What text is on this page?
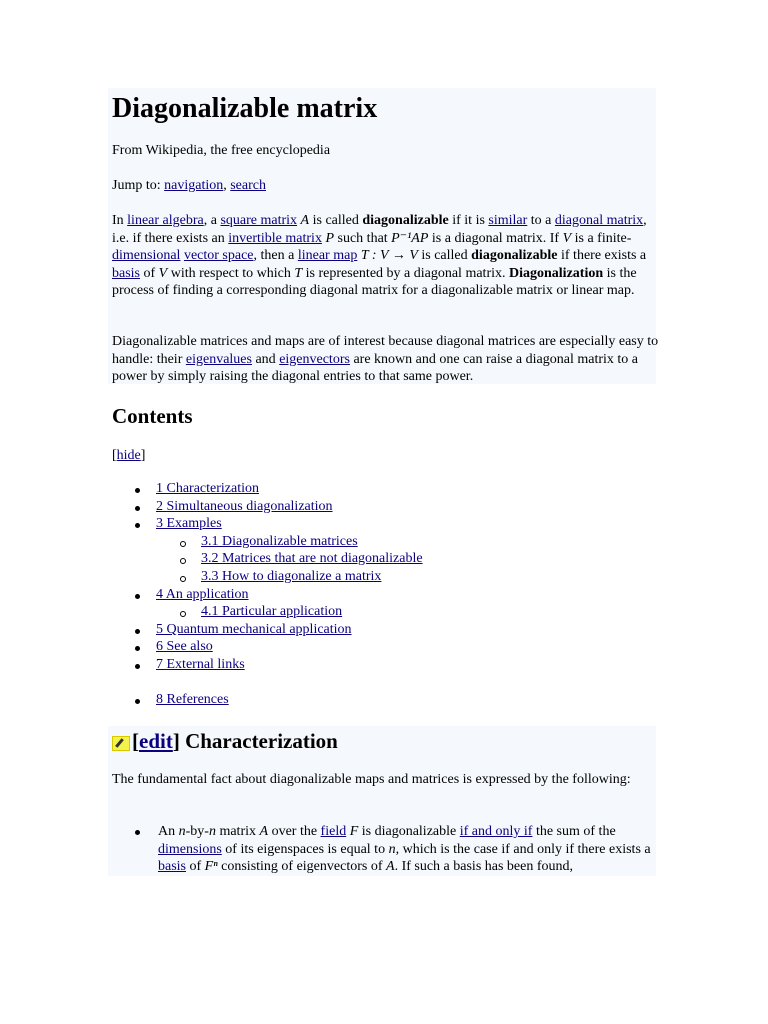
Diagonalizable matrix
From Wikipedia, the free encyclopedia
Jump to: navigation, search
In linear algebra, a square matrix A is called diagonalizable if it is similar to a diagonal matrix, i.e. if there exists an invertible matrix P such that P⁻¹AP is a diagonal matrix. If V is a finite-dimensional vector space, then a linear map T : V → V is called diagonalizable if there exists a basis of V with respect to which T is represented by a diagonal matrix. Diagonalization is the process of finding a corresponding diagonal matrix for a diagonalizable matrix or linear map.
Diagonalizable matrices and maps are of interest because diagonal matrices are especially easy to handle: their eigenvalues and eigenvectors are known and one can raise a diagonal matrix to a power by simply raising the diagonal entries to that same power.
Contents
[hide]
1 Characterization
2 Simultaneous diagonalization
3 Examples
3.1 Diagonalizable matrices
3.2 Matrices that are not diagonalizable
3.3 How to diagonalize a matrix
4 An application
4.1 Particular application
5 Quantum mechanical application
6 See also
7 External links
8 References
[edit] Characterization
The fundamental fact about diagonalizable maps and matrices is expressed by the following:
An n-by-n matrix A over the field F is diagonalizable if and only if the sum of the dimensions of its eigenspaces is equal to n, which is the case if and only if there exists a basis of Fⁿ consisting of eigenvectors of A. If such a basis has been found,
